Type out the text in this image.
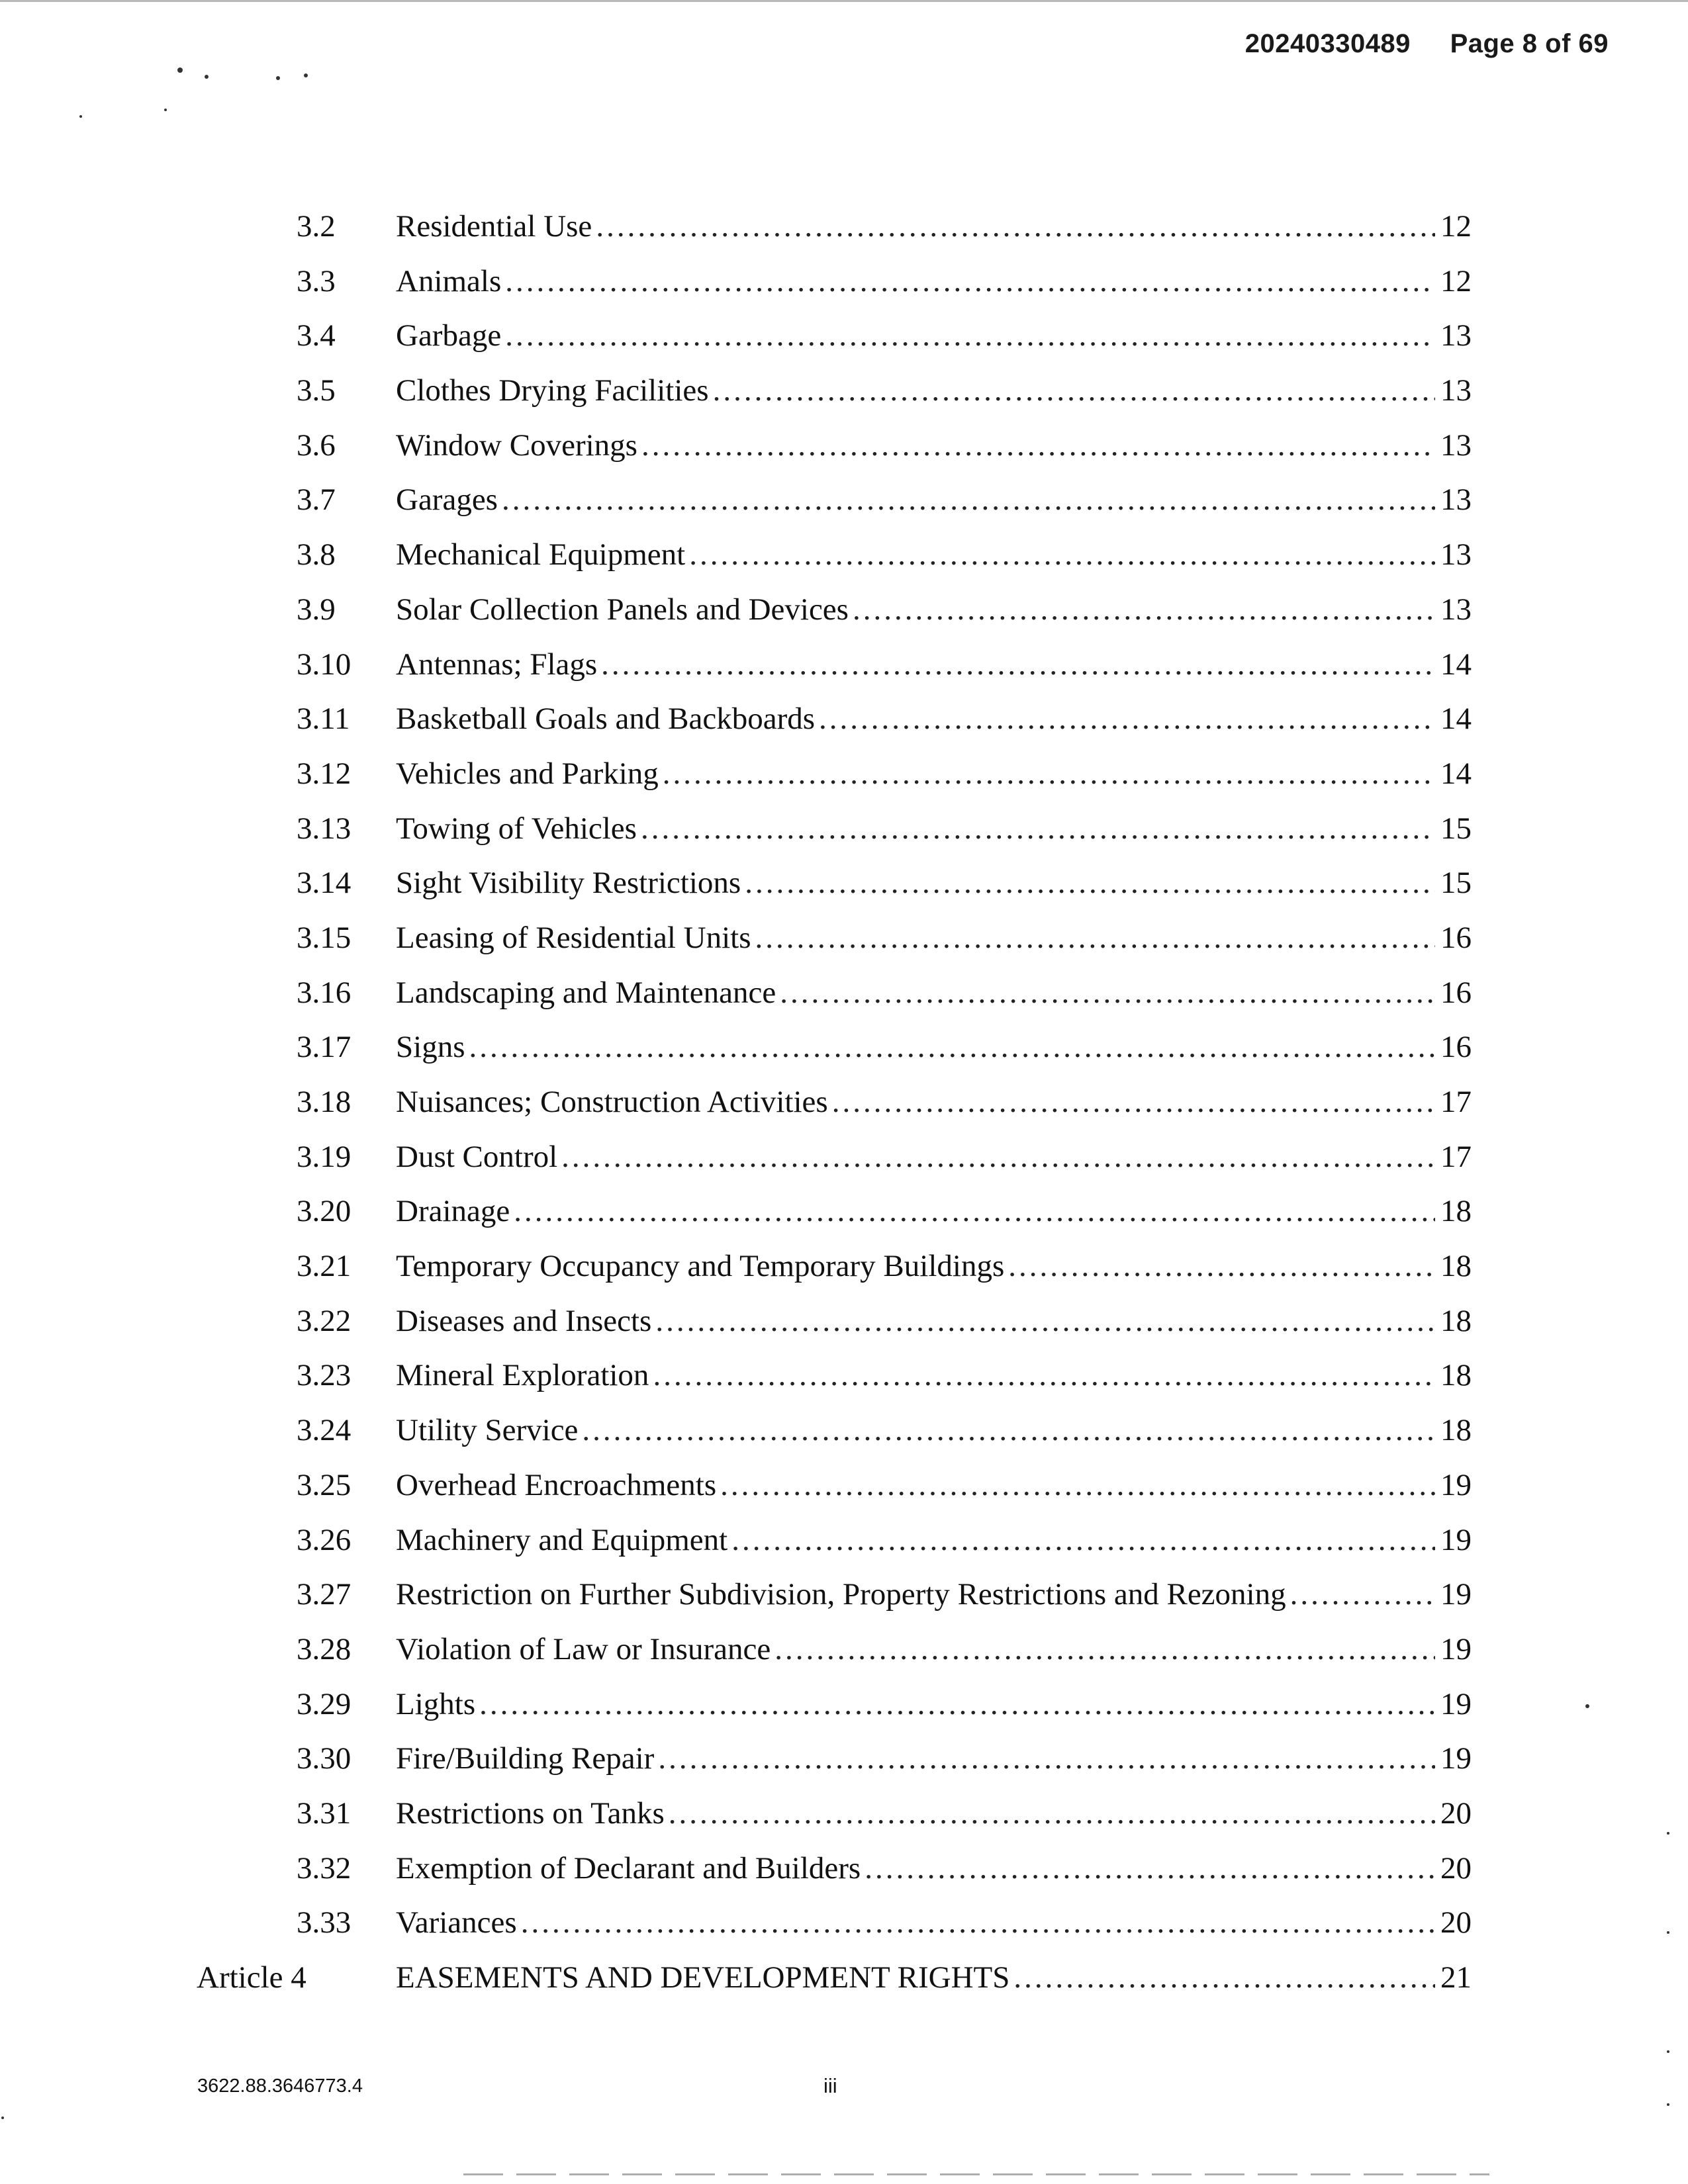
20240330489 Page 8 of 69
3.2 Residential Use .....	12
3.3 Animals .....	12
3.4 Garbage .....	13
3.5 Clothes Drying Facilities .....	13
3.6 Window Coverings .....	13
3.7 Garages .....	13
3.8 Mechanical Equipment .....	13
3.9 Solar Collection Panels and Devices .....	13
3.10 Antennas; Flags .....	14
3.11 Basketball Goals and Backboards .....	14
3.12 Vehicles and Parking .....	14
3.13 Towing of Vehicles .....	15
3.14 Sight Visibility Restrictions .....	15
3.15 Leasing of Residential Units .....	16
3.16 Landscaping and Maintenance .....	16
3.17 Signs .....	16
3.18 Nuisances; Construction Activities .....	17
3.19 Dust Control .....	17
3.20 Drainage .....	18
3.21 Temporary Occupancy and Temporary Buildings .....	18
3.22 Diseases and Insects .....	18
3.23 Mineral Exploration .....	18
3.24 Utility Service .....	18
3.25 Overhead Encroachments .....	19
3.26 Machinery and Equipment .....	19
3.27 Restriction on Further Subdivision, Property Restrictions and Rezoning .....	19
3.28 Violation of Law or Insurance .....	19
3.29 Lights .....	19
3.30 Fire/Building Repair .....	19
3.31 Restrictions on Tanks .....	20
3.32 Exemption of Declarant and Builders .....	20
3.33 Variances .....	20
Article 4	EASEMENTS AND DEVELOPMENT RIGHTS .....	21
3622.88.3646773.4	iii
